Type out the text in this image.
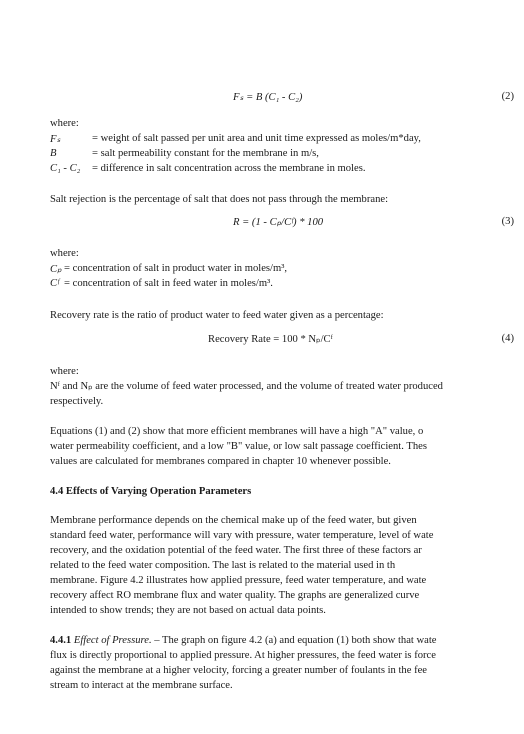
Fₛ = B (C₁ - C₂)	(2)
where:
Fₛ	= weight of salt passed per unit area and unit time expressed as moles/m*day,
B	= salt permeability constant for the membrane in m/s,
C₁ - C₂ = difference in salt concentration across the membrane in moles.
Salt rejection is the percentage of salt that does not pass through the membrane:
R = (1 - Cₚ/Cᶠ) * 100	(3)
where:
Cₚ = concentration of salt in product water in moles/m³,
Cᶠ = concentration of salt in feed water in moles/m³.
Recovery rate is the ratio of product water to feed water given as a percentage:
Recovery Rate = 100 * Nₚ/Cᶠ	(4)
where:
Nᶠ and Nₚ are the volume of feed water processed, and the volume of treated water produced
respectively.
Equations (1) and (2) show that more efficient membranes will have a high "A" value, o
water permeability coefficient, and a low "B" value, or low salt passage coefficient. Thes
values are calculated for membranes compared in chapter 10 whenever possible.
4.4 Effects of Varying Operation Parameters
Membrane performance depends on the chemical make up of the feed water, but given
standard feed water, performance will vary with pressure, water temperature, level of wate
recovery, and the oxidation potential of the feed water. The first three of these factors ar
related to the feed water composition. The last is related to the material used in th
membrane. Figure 4.2 illustrates how applied pressure, feed water temperature, and wate
recovery affect RO membrane flux and water quality. The graphs are generalized curve
intended to show trends; they are not based on actual data points.
4.4.1 Effect of Pressure. – The graph on figure 4.2 (a) and equation (1) both show that wate
flux is directly proportional to applied pressure. At higher pressures, the feed water is force
against the membrane at a higher velocity, forcing a greater number of foulants in the fee
stream to interact at the membrane surface.
